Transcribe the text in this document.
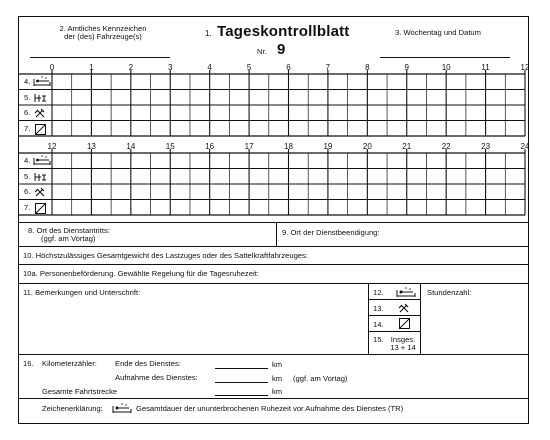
2. Amtliches Kennzeichen
der (des) Fahrzeuge(s)	1. Tageskontrollblatt
Nr. 9
3. Wochentag und Datum
0	1	2	3	4	5	6	7	8	9	10	11	12
4.
5.
6.
7.
12	13	14	15	16	17	18	19	20	21	22	23	24
4.
5.
6.
7.
8. Ort des Dienstantritts:
(ggf. am Vortag)
9. Ort der Dienstbeendigung:
10. Höchstzulässiges Gesamtgewicht des Lastzuges oder des Sattelkraftfahrzeuges:
10a. Personenbeförderung. Gewählte Regelung für die Tagesruhezeit:
11. Bemerkungen und Unterschrift:	12.	Stundenzahl:
13.
14.
15. Insges.
13 + 14
16. Kilometerzähler: Ende des Dienstes:	km
Aufnahme des Dienstes:	km (ggf. am Vortag)
Gesamte Fahrtstrecke	km
Zeichenerklärung:	Gesamtdauer der ununterbrochenen Ruhezeit vor Aufnahme des Dienstes (TR)
